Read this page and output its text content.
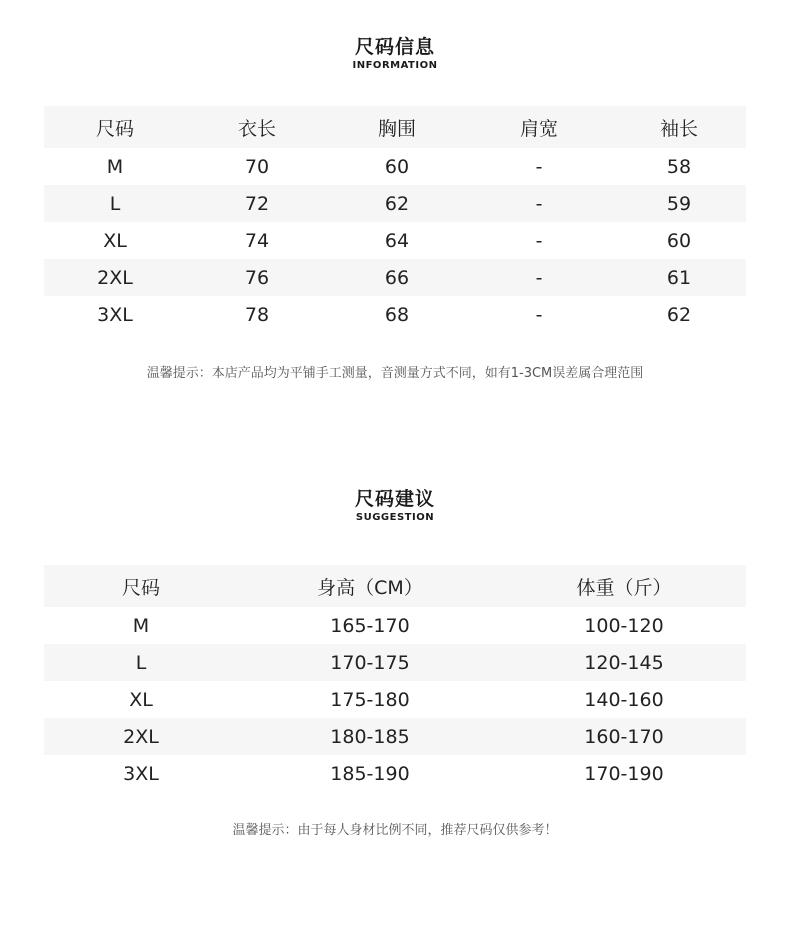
尺码信息
INFORMATION
尺码	衣长	胸围	肩宽	袖长
M	70	60	-	58
L	72	62	-	59
XL	74	64	-	60
2XL	76	66	-	61
3XL	78	68	-	62
温馨提示：本店产品均为平铺手工测量，音测量方式不同，如有1-3CM误差属合理范围
尺码建议
SUGGESTION
尺码	身高（CM）	体重（斤）
M	165-170	100-120
L	170-175	120-145
XL	175-180	140-160
2XL	180-185	160-170
3XL	185-190	170-190
温馨提示：由于每人身材比例不同，推荐尺码仅供参考！
